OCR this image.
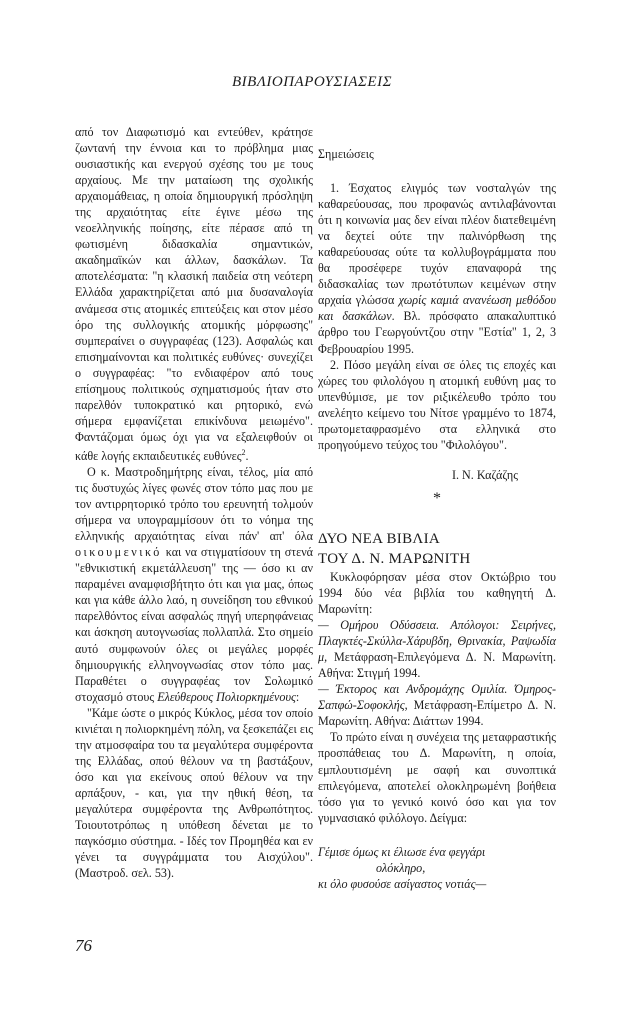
ΒΙΒΛΙΟΠΑΡΟΥΣΙΑΣΕΙΣ

από τον Διαφωτισμό και εντεύθεν, κράτησε ζωντανή την έννοια και το πρόβλημα μιας ουσιαστικής και ενεργού σχέσης του με τους αρχαίους. Με την ματαίωση της σχολικής αρχαιομάθειας, η οποία δημιουργική πρόσληψη της αρχαιότητας είτε έγινε μέσω της νεοελληνικής ποίησης, είτε πέρασε από τη φωτισμένη διδασκαλία σημαντικών, ακαδημαϊκών και άλλων, δασκάλων. Τα αποτελέσματα: "η κλασική παιδεία στη νεότερη Ελλάδα χαρακτηρίζεται από μια δυσαναλογία ανάμεσα στις ατομικές επιτεύξεις και στον μέσο όρο της συλλογικής ατομικής μόρφωσης" συμπεραίνει ο συγγραφέας (123). Ασφαλώς και επισημαίνονται και πολιτικές ευθύνες· συνεχίζει ο συγγραφέας: "το ενδιαφέρον από τους επίσημους πολιτικούς σχηματισμούς ήταν στο παρελθόν τυποκρατικό και ρητορικό, ενώ σήμερα εμφανίζεται επικίνδυνα μειωμένο". Φαντάζομαι όμως όχι για να εξαλειφθούν οι κάθε λογής εκπαιδευτικές ευθύνες$^2$.

Ο κ. Μαστροδημήτρης είναι, τέλος, μία από τις δυστυχώς λίγες φωνές στον τόπο μας που με τον αντιρρητορικό τρόπο του ερευνητή τολμούν σήμερα να υπογραμμίσουν ότι το νόημα της ελληνικής αρχαιότητας είναι πάν' απ' όλα οικουμενικό και να στιγματίσουν τη στενά "εθνικιστική εκμετάλλευση" της — όσο κι αν παραμένει αναμφισβήτητο ότι και για μας, όπως και για κάθε άλλο λαό, η συνείδηση του εθνικού παρελθόντος είναι ασφαλώς πηγή υπερηφάνειας και άσκηση αυτογνωσίας πολλαπλά. Στο σημείο αυτό συμφωνούν όλες οι μεγάλες μορφές δημιουργικής ελληνογνωσίας στον τόπο μας. Παραθέτει ο συγγραφέας τον Σολωμικό στοχασμό στους Ελεύθερους Πολιορκημένους:

"Κάμε ώστε ο μικρός Κύκλος, μέσα τον οποίο κινιέται η πολιορκημένη πόλη, να ξεσκεπάζει εις την ατμοσφαίρα του τα μεγαλύτερα συμφέροντα της Ελλάδας, οπού θέλουν να τη βαστάξουν, όσο και για εκείνους οπού θέλουν να την αρπάξουν, - και, για την ηθική θέση, τα μεγαλύτερα συμφέροντα της Ανθρωπότητος. Τοιουτοτρόπως η υπόθεση δένεται με το παγκόσμιο σύστημα. - Ιδές τον Προμηθέα και εν γένει τα συγγράμματα του Αισχύλου". (Μαστροδ. σελ. 53).

Σημειώσεις

1. Έσχατος ελιγμός των νοσταλγών της καθαρεύουσας, που προφανώς αντιλαβάνονται ότι η κοινωνία μας δεν είναι πλέον διατεθειμένη να δεχτεί ούτε την παλινόρθωση της καθαρεύουσας ούτε τα κολλυβογράμματα που θα προσέφερε τυχόν επαναφορά της διδασκαλίας των πρωτότυπων κειμένων στην αρχαία γλώσσα χωρίς καμιά ανανέωση μεθόδου και δασκάλων. Βλ. πρόσφατο απακαλυπτικό άρθρο του Γεωργούντζου στην "Εστία" 1, 2, 3 Φεβρουαρίου 1995.

2. Πόσο μεγάλη είναι σε όλες τις εποχές και χώρες του φιλολόγου η ατομική ευθύνη μας το υπενθύμισε, με τον ριξικέλευθο τρόπο του ανελέητο κείμενο του Νίτσε γραμμένο το 1874, πρωτομεταφρασμένο στα ελληνικά στο προηγούμενο τεύχος του "Φιλολόγου".

Ι. Ν. Καζάζης

*

ΔΥΟ ΝΕΑ ΒΙΒΛΙΑ
ΤΟΥ Δ. Ν. ΜΑΡΩΝΙΤΗ

Κυκλοφόρησαν μέσα στον Οκτώβριο του 1994 δύο νέα βιβλία του καθηγητή Δ. Μαρωνίτη:

— Ομήρου Οδύσσεια. Απόλογοι: Σειρήνες, Πλαγκτές-Σκύλλα-Χάρυβδη, Θρινακία, Ραψωδία μ, Μετάφραση-Επιλεγόμενα Δ. Ν. Μαρωνίτη. Αθήνα: Στιγμή 1994.

— Έκτορος και Ανδρομάχης Ομιλία. Όμηρος-Σαπφώ-Σοφοκλής, Μετάφραση-Επίμετρο Δ. Ν. Μαρωνίτη. Αθήνα: Διάττων 1994.

Το πρώτο είναι η συνέχεια της μεταφραστικής προσπάθειας του Δ. Μαρωνίτη, η οποία, εμπλουτισμένη με σαφή και συνοπτικά επιλεγόμενα, αποτελεί ολοκληρωμένη βοήθεια τόσο για το γενικό κοινό όσο και για τον γυμνασιακό φιλόλογο. Δείγμα:

Γέμισε όμως κι έλιωσε ένα φεγγάρι
ολόκληρο,
κι όλο φυσούσε ασίγαστος νοτιάς—

76
